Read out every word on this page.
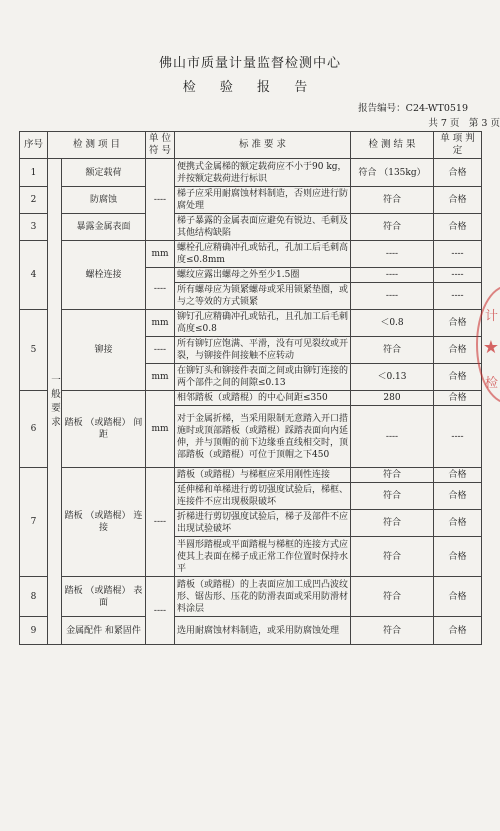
佛山市质量计量监督检测中心
检 验 报 告
报告编号：C24-WT0519
共 7 页　第 3 页
序号	检 测 项 目		单 位 符 号	标 准 要 求	检 测 结 果	单 项 判 定
1	一般要求	额定载荷	----	便携式金属梯的额定载荷应不小于90 kg，并按额定载荷进行标识	符合 （135kg）	合格
2		防腐蚀		梯子应采用耐腐蚀材料制造，否则应进行防腐处理	符合	合格
3		暴露金属表面		梯子暴露的金属表面应避免有锐边、毛刺及其他结构缺陷	符合	合格
4		螺栓连接	mm	螺栓孔应精确冲孔或钻孔，孔加工后毛刺高度≤0.8mm	----	----
			----	螺纹应露出螺母之外至少1.5圈	----	----
				所有螺母应为锁紧螺母或采用锁紧垫圈，或与之等效的方式锁紧	----	----
5		铆接	mm	铆钉孔应精确冲孔或钻孔，且孔加工后毛刺高度≤0.8	＜0.8	合格
			----	所有铆钉应饱满、平滑，没有可见裂纹或开裂，与铆接件间接触不应转动	符合	合格
			mm	在铆钉头和铆接件表面之间或由铆钉连接的两个部件之间的间隙≤0.13	＜0.13	合格
6		踏板 （或踏棍） 间距	mm	相邻踏板（或踏棍）的中心间距≤350	280	合格
				对于金属折梯，当采用限制无意踏入开口措施时或顶部踏板（或踏棍）踩踏表面向内延伸，并与顶帽的前下边缘垂直线相交时，顶部踏板（或踏棍）可位于顶帽之下450	----	----
7		踏板 （或踏棍） 连接	----	踏板（或踏棍）与梯框应采用刚性连接	符合	合格
				延伸梯和单梯进行剪切强度试验后，梯框、连接件不应出现极限破坏	符合	合格
				折梯进行剪切强度试验后，梯子及部件不应出现试验破坏	符合	合格
				半圆形踏棍或平面踏棍与梯框的连接方式应使其上表面在梯子成正常工作位置时保持水平	符合	合格
8		踏板 （或踏棍） 表面	----	踏板（或踏棍）的上表面应加工成凹凸波纹形、锯齿形、压花的防滑表面或采用防滑材料涂层	符合	合格
9		金属配件 和紧固件		选用耐腐蚀材料制造，或采用防腐蚀处理	符合	合格
计
★
检
